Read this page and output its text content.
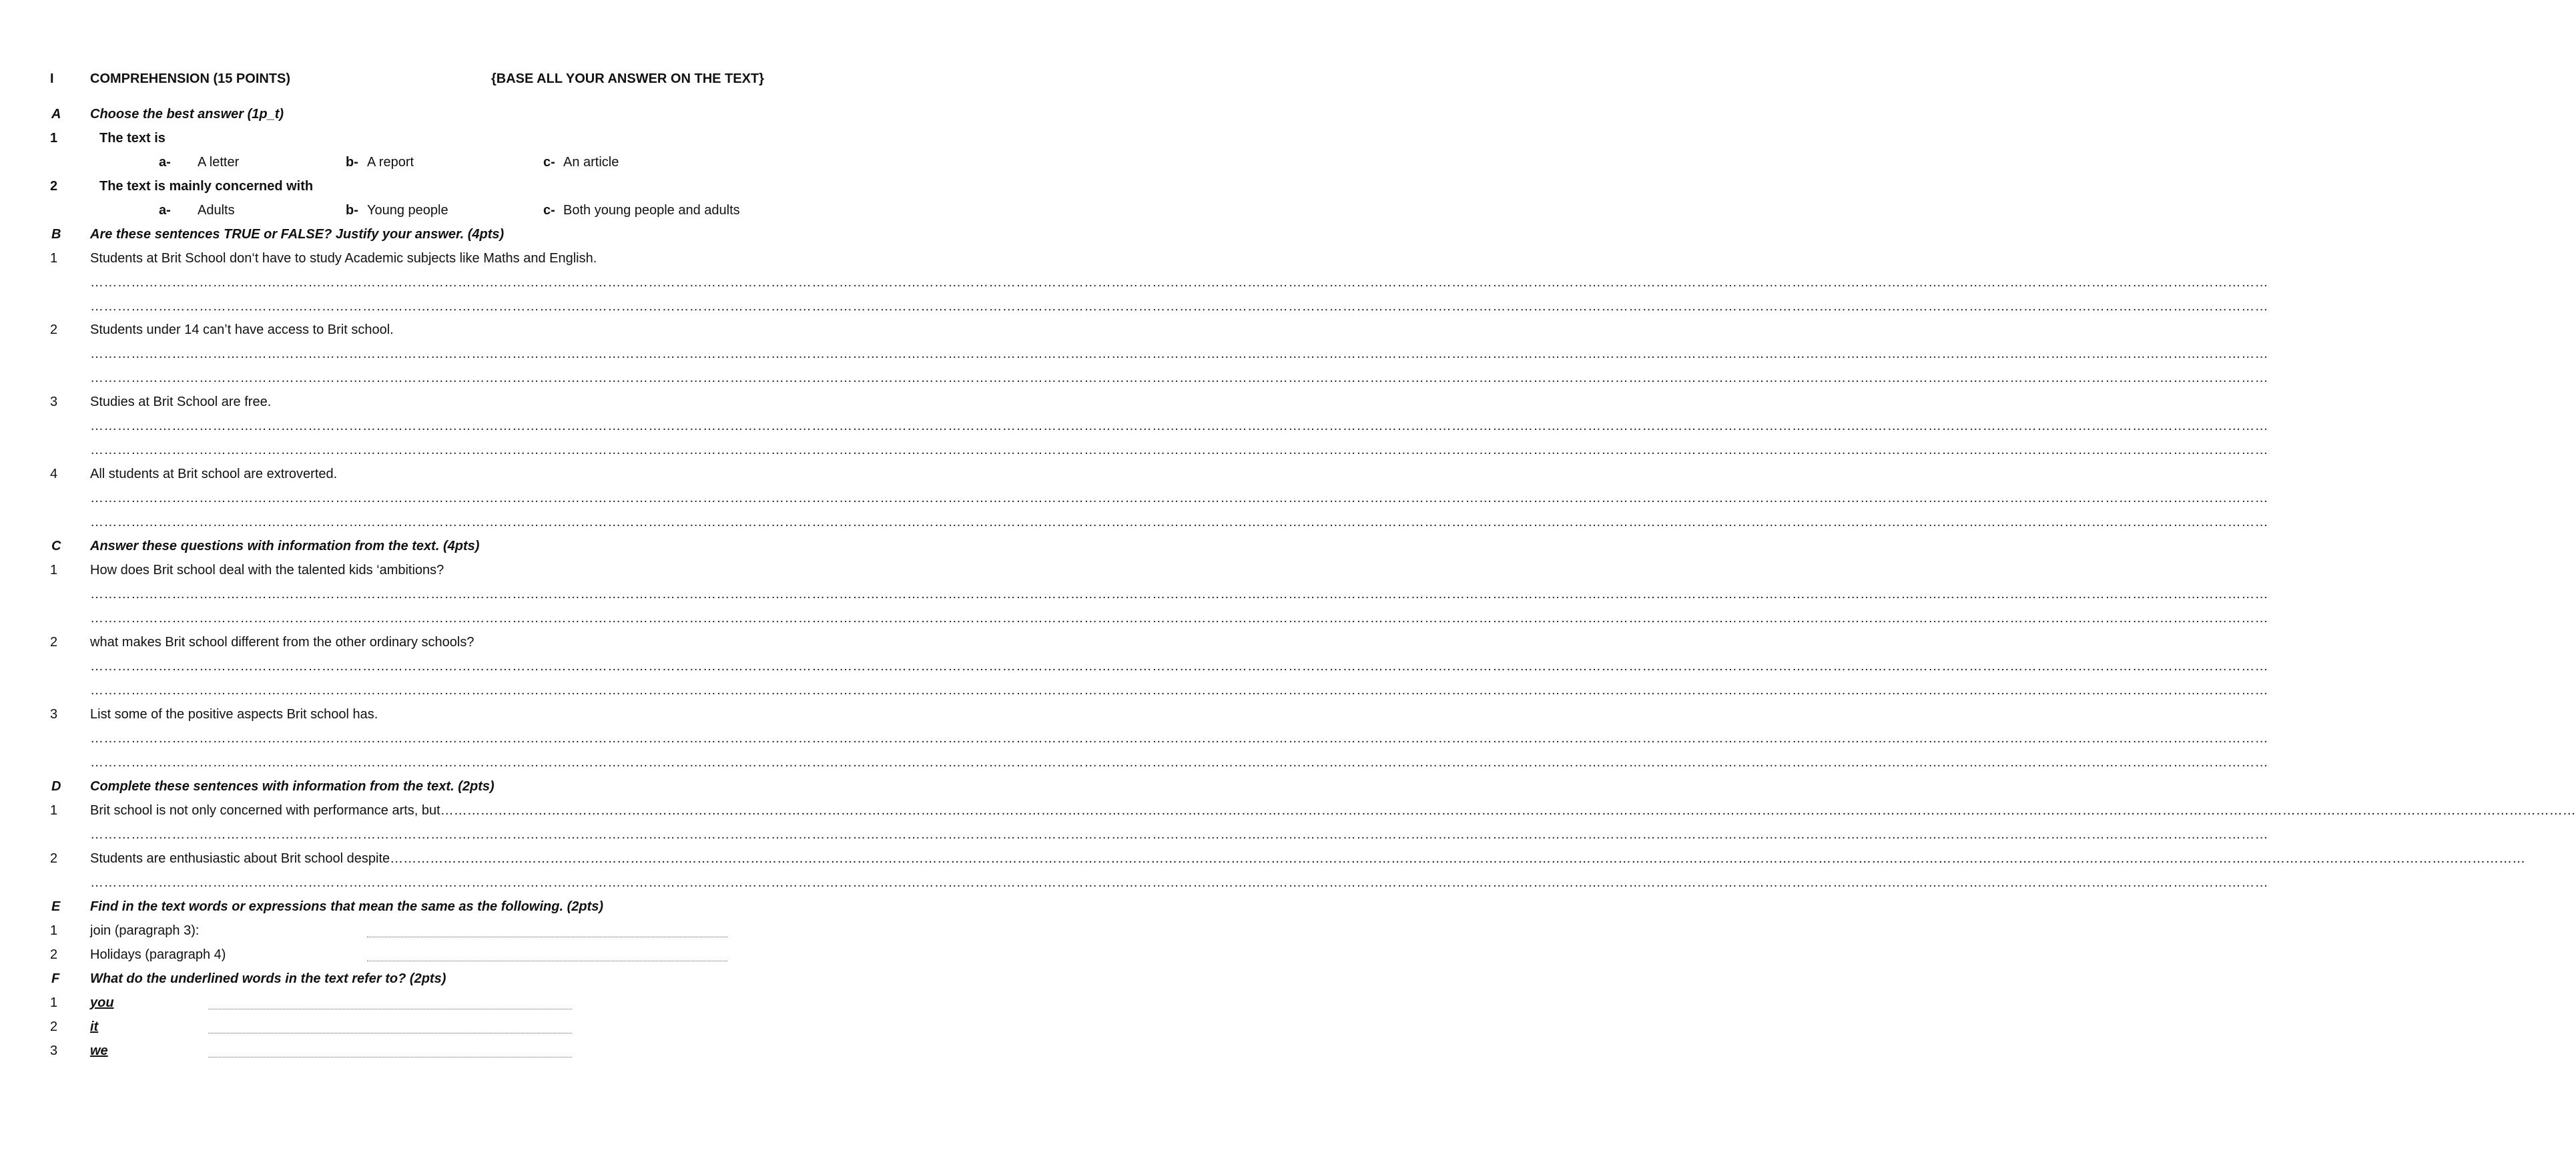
I	COMPREHENSION (15 POINTS)	{BASE ALL YOUR ANSWER ON THE TEXT}
A Choose the best answer (1p_t)
1	The text is
a- A letter	b- A report	c- An article
2	The text is mainly concerned with
a- Adults	b- Young people	c- Both young people and adults
B Are these sentences TRUE or FALSE? Justify your answer. (4pts)
1 Students at Brit School don‘t have to study Academic subjects like Maths and English.
…………………………………………………………………………………………………………………………………………………………………………………………………………………………………………………………………………………………………………………………………………………………………………………………………………………………………………
…………………………………………………………………………………………………………………………………………………………………………………………………………………………………………………………………………………………………………………………………………………………………………………………………………………………………………
2 Students under 14 can’t have access to Brit school.
…………………………………………………………………………………………………………………………………………………………………………………………………………………………………………………………………………………………………………………………………………………………………………………………………………………………………………
…………………………………………………………………………………………………………………………………………………………………………………………………………………………………………………………………………………………………………………………………………………………………………………………………………………………………………
3 Studies at Brit School are free.
…………………………………………………………………………………………………………………………………………………………………………………………………………………………………………………………………………………………………………………………………………………………………………………………………………………………………………
…………………………………………………………………………………………………………………………………………………………………………………………………………………………………………………………………………………………………………………………………………………………………………………………………………………………………………
4 All students at Brit school are extroverted.
…………………………………………………………………………………………………………………………………………………………………………………………………………………………………………………………………………………………………………………………………………………………………………………………………………………………………………
…………………………………………………………………………………………………………………………………………………………………………………………………………………………………………………………………………………………………………………………………………………………………………………………………………………………………………
C Answer these questions with information from the text. (4pts)
1 How does Brit school deal with the talented kids ‘ambitions?
…………………………………………………………………………………………………………………………………………………………………………………………………………………………………………………………………………………………………………………………………………………………………………………………………………………………………………
…………………………………………………………………………………………………………………………………………………………………………………………………………………………………………………………………………………………………………………………………………………………………………………………………………………………………………
2 what makes Brit school different from the other ordinary schools?
…………………………………………………………………………………………………………………………………………………………………………………………………………………………………………………………………………………………………………………………………………………………………………………………………………………………………………
…………………………………………………………………………………………………………………………………………………………………………………………………………………………………………………………………………………………………………………………………………………………………………………………………………………………………………
3 List some of the positive aspects Brit school has.
…………………………………………………………………………………………………………………………………………………………………………………………………………………………………………………………………………………………………………………………………………………………………………………………………………………………………………
…………………………………………………………………………………………………………………………………………………………………………………………………………………………………………………………………………………………………………………………………………………………………………………………………………………………………………
D Complete these sentences with information from the text. (2pts)
1 Brit school is not only concerned with performance arts, but…………………………………………………………………………………………………………………………………………………………………………………………………………………………………………………………………………………………………………………………………………………………………………………………………………………………………………
…………………………………………………………………………………………………………………………………………………………………………………………………………………………………………………………………………………………………………………………………………………………………………………………………………………………………………
2 Students are enthusiastic about Brit school despite…………………………………………………………………………………………………………………………………………………………………………………………………………………………………………………………………………………………………………………………………………………………………………………………………………………………………………
…………………………………………………………………………………………………………………………………………………………………………………………………………………………………………………………………………………………………………………………………………………………………………………………………………………………………………
E Find in the text words or expressions that mean the same as the following. (2pts)
1 join (paragraph 3):
2 Holidays (paragraph 4)
F What do the underlined words in the text refer to? (2pts)
1 you
2 it
3 we
